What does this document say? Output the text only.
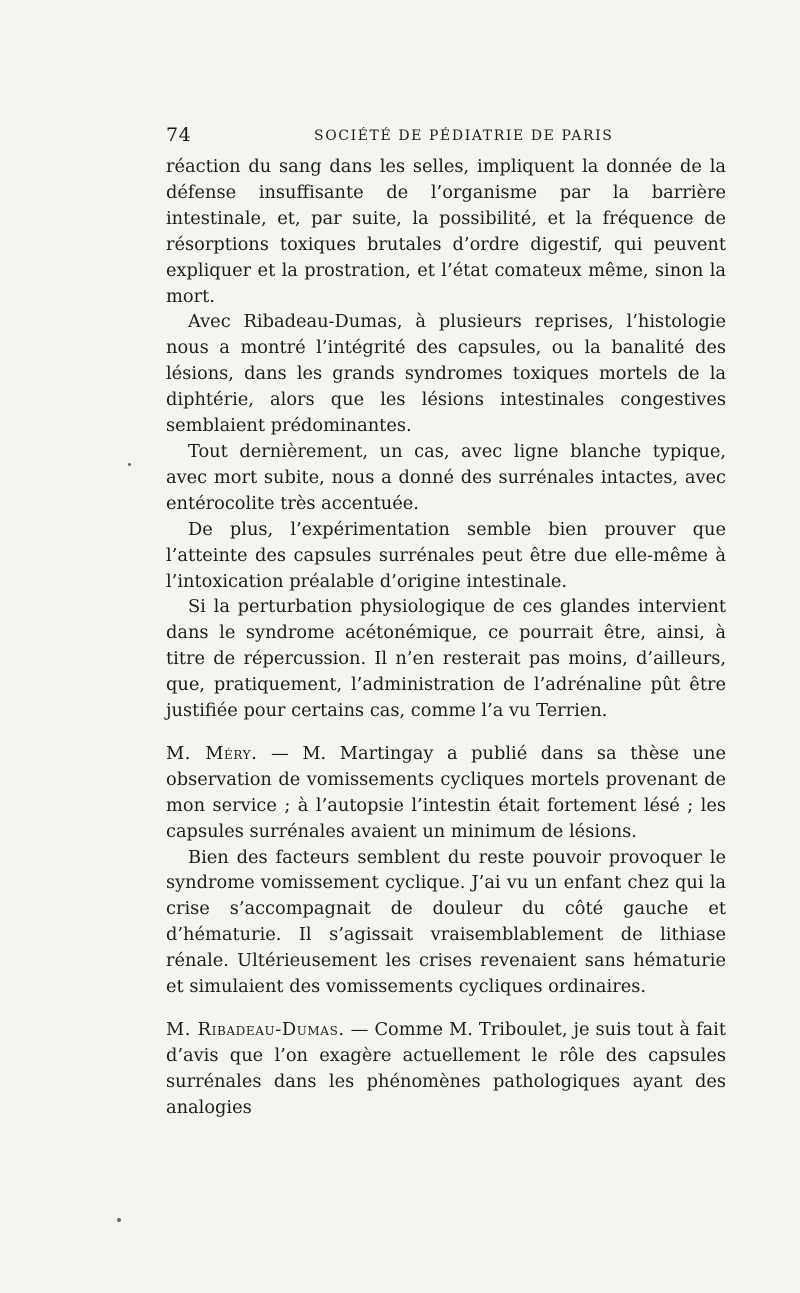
74	SOCIÉTÉ DE PÉDIATRIE DE PARIS

réaction du sang dans les selles, impliquent la donnée de la défense insuffisante de l’organisme par la barrière intestinale, et, par suite, la possibilité, et la fréquence de résorptions toxiques brutales d’ordre digestif, qui peuvent expliquer et la prostration, et l’état comateux même, sinon la mort.

Avec Ribadeau-Dumas, à plusieurs reprises, l’histologie nous a montré l’intégrité des capsules, ou la banalité des lésions, dans les grands syndromes toxiques mortels de la diphtérie, alors que les lésions intestinales congestives semblaient prédominantes.

Tout dernièrement, un cas, avec ligne blanche typique, avec mort subite, nous a donné des surrénales intactes, avec entérocolite très accentuée.

De plus, l’expérimentation semble bien prouver que l’atteinte des capsules surrénales peut être due elle-même à l’intoxication préalable d’origine intestinale.

Si la perturbation physiologique de ces glandes intervient dans le syndrome acétonémique, ce pourrait être, ainsi, à titre de répercussion. Il n’en resterait pas moins, d’ailleurs, que, pratiquement, l’administration de l’adrénaline pût être justifiée pour certains cas, comme l’a vu Terrien.

M. Méry. — M. Martingay a publié dans sa thèse une observation de vomissements cycliques mortels provenant de mon service ; à l’autopsie l’intestin était fortement lésé ; les capsules surrénales avaient un minimum de lésions.

Bien des facteurs semblent du reste pouvoir provoquer le syndrome vomissement cyclique. J’ai vu un enfant chez qui la crise s’accompagnait de douleur du côté gauche et d’hématurie. Il s’agissait vraisemblablement de lithiase rénale. Ultérieusement les crises revenaient sans hématurie et simulaient des vomissements cycliques ordinaires.

M. Ribadeau-Dumas. — Comme M. Triboulet, je suis tout à fait d’avis que l’on exagère actuellement le rôle des capsules surrénales dans les phénomènes pathologiques ayant des analogies
